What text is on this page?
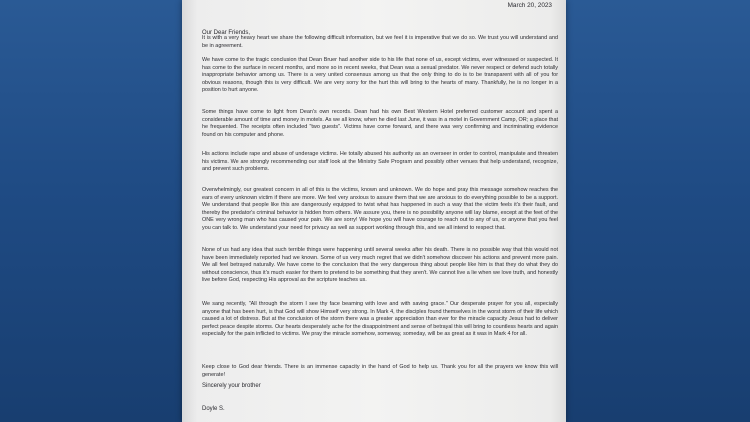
March 20, 2023
Our Dear Friends,

It is with a very heavy heart we share the following difficult information, but we feel it is imperative that we do so. We trust you will understand and be in agreement.

We have come to the tragic conclusion that Dean Bruer had another side to his life that none of us, except victims, ever witnessed or suspected. It has come to the surface in recent months, and more so in recent weeks, that Dean was a sexual predator. We never respect or defend such totally inappropriate behavior among us. There is a very united consensus among us that the only thing to do is to be transparent with all of you for obvious reasons, though this is very difficult. We are very sorry for the hurt this will bring to the hearts of many. Thankfully, he is no longer in a position to hurt anyone.

Some things have come to light from Dean's own records. Dean had his own Best Western Hotel preferred customer account and spent a considerable amount of time and money in motels. As we all know, when he died last June, it was in a motel in Government Camp, OR; a place that he frequented. The receipts often included "two guests". Victims have come forward, and there was very confirming and incriminating evidence found on his computer and phone.

His actions include rape and abuse of underage victims. He totally abused his authority as an overseer in order to control, manipulate and threaten his victims. We are strongly recommending our staff look at the Ministry Safe Program and possibly other venues that help understand, recognize, and prevent such problems.

Overwhelmingly, our greatest concern in all of this is the victims, known and unknown. We do hope and pray this message somehow reaches the ears of every unknown victim if there are more. We feel very anxious to assure them that we are anxious to do everything possible to be a support. We understand that people like this are dangerously equipped to twist what has happened in such a way that the victim feels it's their fault, and thereby the predator's criminal behavior is hidden from others. We assure you, there is no possibility anyone will lay blame, except at the feet of the ONE very wrong man who has caused your pain. We are sorry! We hope you will have courage to reach out to any of us, or anyone that you feel you can talk to. We understand your need for privacy as well as support working through this, and we all intend to respect that.

None of us had any idea that such terrible things were happening until several weeks after his death. There is no possible way that this would not have been immediately reported had we known. Some of us very much regret that we didn't somehow discover his actions and prevent more pain. We all feel betrayed naturally. We have come to the conclusion that the very dangerous thing about people like him is that they do what they do without conscience, thus it's much easier for them to pretend to be something that they aren't. We cannot live a lie when we love truth, and honestly live before God, respecting His approval as the scripture teaches us.

We sang recently, "All through the storm I see thy face beaming with love and with saving grace." Our desperate prayer for you all, especially anyone that has been hurt, is that God will show Himself very strong. In Mark 4, the disciples found themselves in the worst storm of their life which caused a lot of distress. But at the conclusion of the storm there was a greater appreciation than ever for the miracle capacity Jesus had to deliver perfect peace despite storms. Our hearts desperately ache for the disappointment and sense of betrayal this will bring to countless hearts and again especially for the pain inflicted to victims. We pray the miracle somehow, someway, someday, will be as great as it was in Mark 4 for all.

Keep close to God dear friends. There is an immense capacity in the hand of God to help us. Thank you for all the prayers we know this will generate!

Sincerely your brother
Doyle S.
